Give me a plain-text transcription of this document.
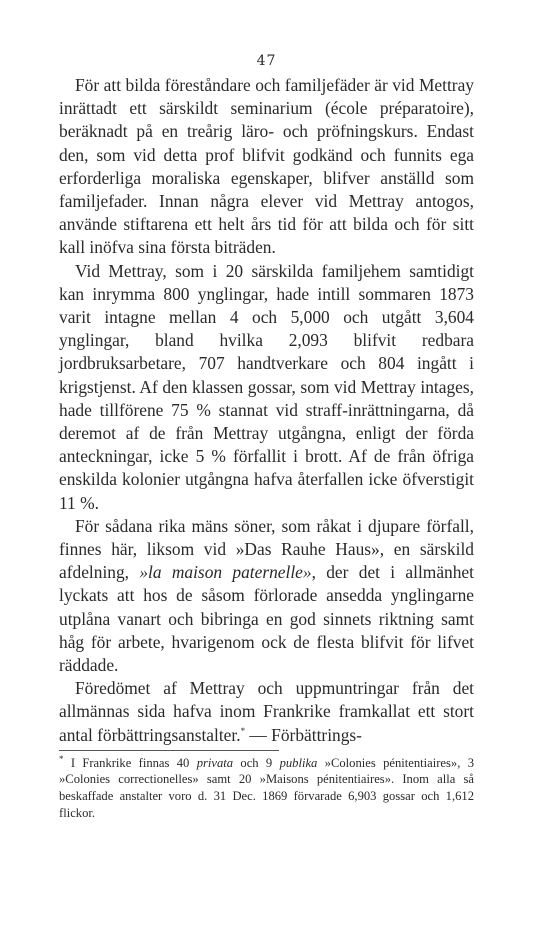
47

För att bilda föreståndare och familjefäder är vid Mettray inrättadt ett särskildt seminarium (école préparatoire), beräknadt på en treårig läro- och pröfningskurs. Endast den, som vid detta prof blifvit godkänd och funnits ega erforderliga moraliska egenskaper, blifver anställd som familjefader. Innan några elever vid Mettray antogos, använde stiftarena ett helt års tid för att bilda och för sitt kall inöfva sina första biträden.

Vid Mettray, som i 20 särskilda familjehem samtidigt kan inrymma 800 ynglingar, hade intill sommaren 1873 varit intagne mellan 4 och 5,000 och utgått 3,604 ynglingar, bland hvilka 2,093 blifvit redbara jordbruksarbetare, 707 handtverkare och 804 ingått i krigstjenst. Af den klassen gossar, som vid Mettray intages, hade tillförene 75 % stannat vid straff-inrättningarna, då deremot af de från Mettray utgångna, enligt der förda anteckningar, icke 5 % förfallit i brott. Af de från öfriga enskilda kolonier utgångna hafva återfallen icke öfverstigit 11 %.

För sådana rika mäns söner, som råkat i djupare förfall, finnes här, liksom vid »Das Rauhe Haus», en särskild afdelning, »la maison paternelle», der det i allmänhet lyckats att hos de såsom förlorade ansedda ynglingarne utplåna vanart och bibringa en god sinnets riktning samt håg för arbete, hvarigenom ock de flesta blifvit för lifvet räddade.

Föredömet af Mettray och uppmuntringar från det allmännas sida hafva inom Frankrike framkallat ett stort antal förbättringsanstalter.* — Förbättrings-

* I Frankrike finnas 40 privata och 9 publika »Colonies pénitentiaires», 3 »Colonies correctionelles» samt 20 »Maisons pénitentiaires». Inom alla så beskaffade anstalter voro d. 31 Dec. 1869 förvarade 6,903 gossar och 1,612 flickor.
